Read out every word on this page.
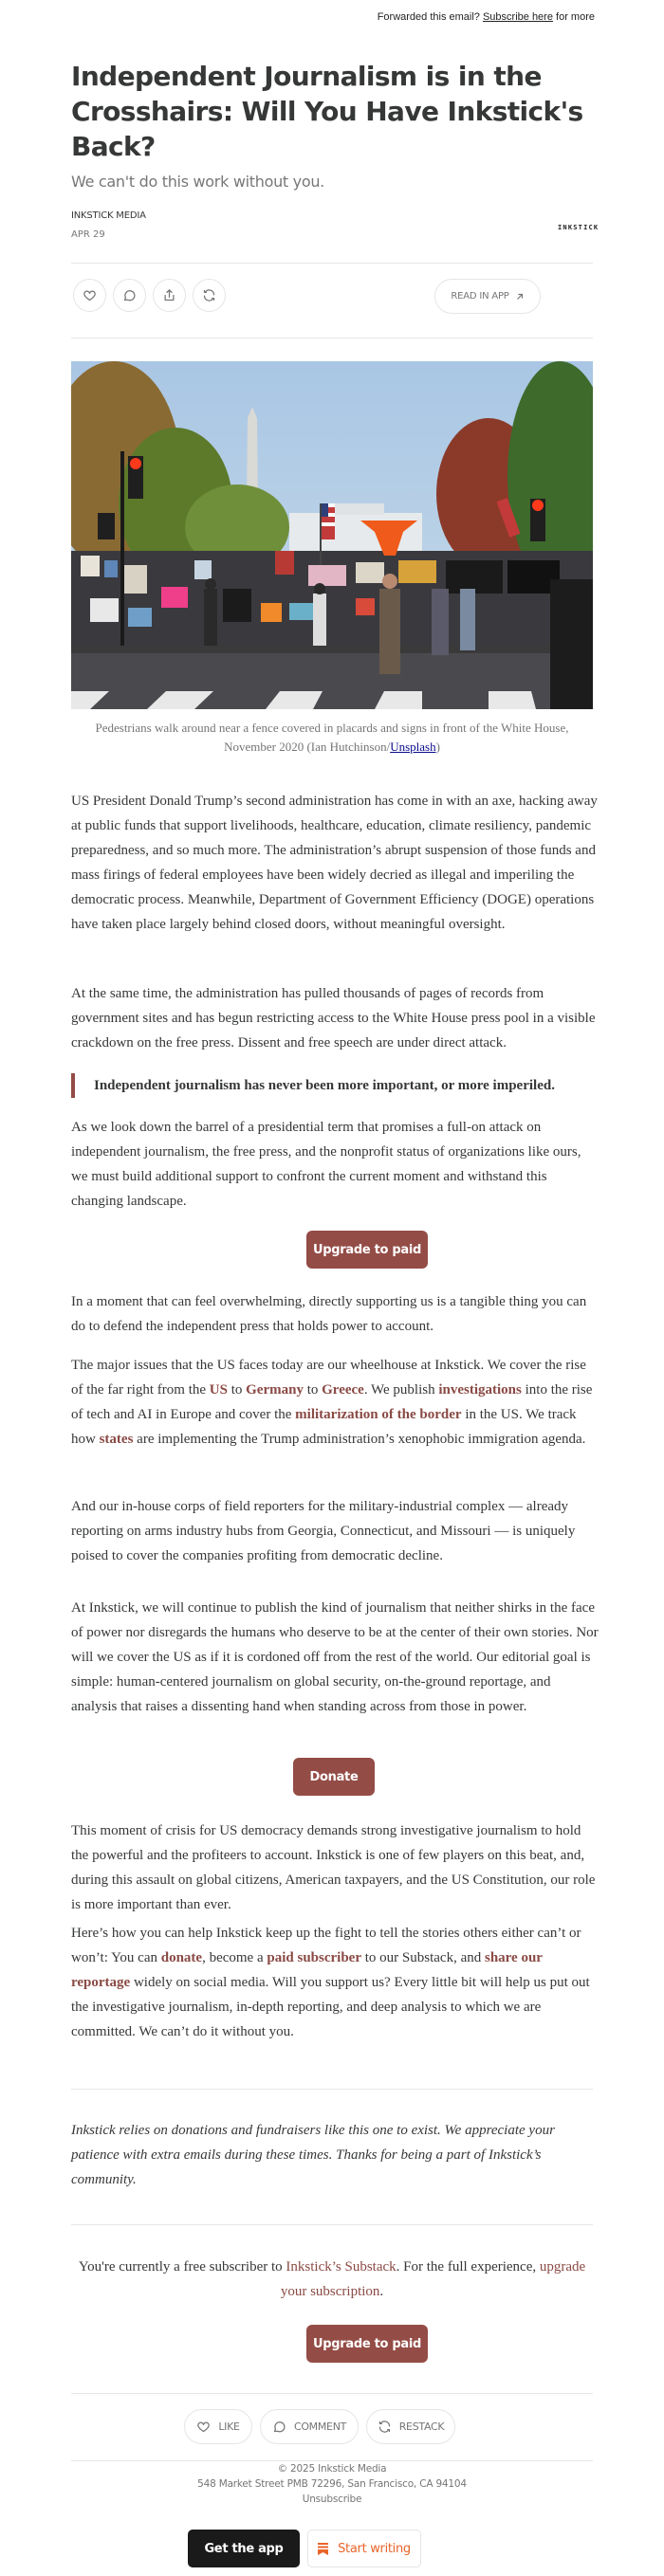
Forwarded this email? Subscribe here for more
Independent Journalism is in the Crosshairs: Will You Have Inkstick's Back?
We can't do this work without you.
INKSTICK MEDIA
APR 29
INKSTICK
READ IN APP
Pedestrians walk around near a fence covered in placards and signs in front of the White House, November 2020 (Ian Hutchinson/Unsplash)

US President Donald Trump’s second administration has come in with an axe, hacking away at public funds that support livelihoods, healthcare, education, climate resiliency, pandemic preparedness, and so much more. The administration’s abrupt suspension of those funds and mass firings of federal employees have been widely decried as illegal and imperiling the democratic process. Meanwhile, Department of Government Efficiency (DOGE) operations have taken place largely behind closed doors, without meaningful oversight.

At the same time, the administration has pulled thousands of pages of records from government sites and has begun restricting access to the White House press pool in a visible crackdown on the free press. Dissent and free speech are under direct attack.

Independent journalism has never been more important, or more imperiled.

As we look down the barrel of a presidential term that promises a full-on attack on independent journalism, the free press, and the nonprofit status of organizations like ours, we must build additional support to confront the current moment and withstand this changing landscape.

Upgrade to paid

In a moment that can feel overwhelming, directly supporting us is a tangible thing you can do to defend the independent press that holds power to account.

The major issues that the US faces today are our wheelhouse at Inkstick. We cover the rise of the far right from the US to Germany to Greece. We publish investigations into the rise of tech and AI in Europe and cover the militarization of the border in the US. We track how states are implementing the Trump administration’s xenophobic immigration agenda.

And our in-house corps of field reporters for the military-industrial complex — already reporting on arms industry hubs from Georgia, Connecticut, and Missouri — is uniquely poised to cover the companies profiting from democratic decline.

At Inkstick, we will continue to publish the kind of journalism that neither shirks in the face of power nor disregards the humans who deserve to be at the center of their own stories. Nor will we cover the US as if it is cordoned off from the rest of the world. Our editorial goal is simple: human-centered journalism on global security, on-the-ground reportage, and analysis that raises a dissenting hand when standing across from those in power.

Donate

This moment of crisis for US democracy demands strong investigative journalism to hold the powerful and the profiteers to account. Inkstick is one of few players on this beat, and, during this assault on global citizens, American taxpayers, and the US Constitution, our role is more important than ever.

Here’s how you can help Inkstick keep up the fight to tell the stories others either can’t or won’t: You can donate, become a paid subscriber to our Substack, and share our reportage widely on social media. Will you support us? Every little bit will help us put out the investigative journalism, in-depth reporting, and deep analysis to which we are committed. We can’t do it without you.

Inkstick relies on donations and fundraisers like this one to exist. We appreciate your patience with extra emails during these times. Thanks for being a part of Inkstick’s community.

You're currently a free subscriber to Inkstick’s Substack. For the full experience, upgrade your subscription.

Upgrade to paid
LIKE	COMMENT	RESTACK
© 2025 Inkstick Media
548 Market Street PMB 72296, San Francisco, CA 94104
Unsubscribe
Get the app	Start writing
